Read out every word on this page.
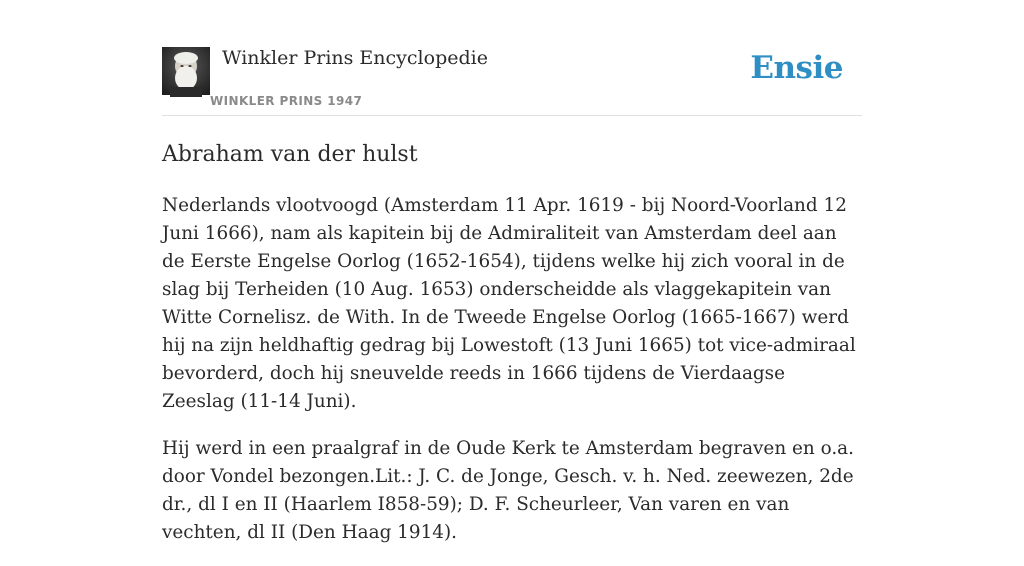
Winkler Prins Encyclopedie
WINKLER PRINS 1947
Ensie
Abraham van der hulst

Nederlands vlootvoogd (Amsterdam 11 Apr. 1619 - bij Noord-Voorland 12 Juni 1666), nam als kapitein bij de Admiraliteit van Amsterdam deel aan de Eerste Engelse Oorlog (1652-1654), tijdens welke hij zich vooral in de slag bij Terheiden (10 Aug. 1653) onderscheidde als vlaggekapitein van Witte Cornelisz. de With. In de Tweede Engelse Oorlog (1665-1667) werd hij na zijn heldhaftig gedrag bij Lowestoft (13 Juni 1665) tot vice-admiraal bevorderd, doch hij sneuvelde reeds in 1666 tijdens de Vierdaagse Zeeslag (11-14 Juni).

Hij werd in een praalgraf in de Oude Kerk te Amsterdam begraven en o.a. door Vondel bezongen.Lit.: J. C. de Jonge, Gesch. v. h. Ned. zeewezen, 2de dr., dl I en II (Haarlem I858-59); D. F. Scheurleer, Van varen en van vechten, dl II (Den Haag 1914).
